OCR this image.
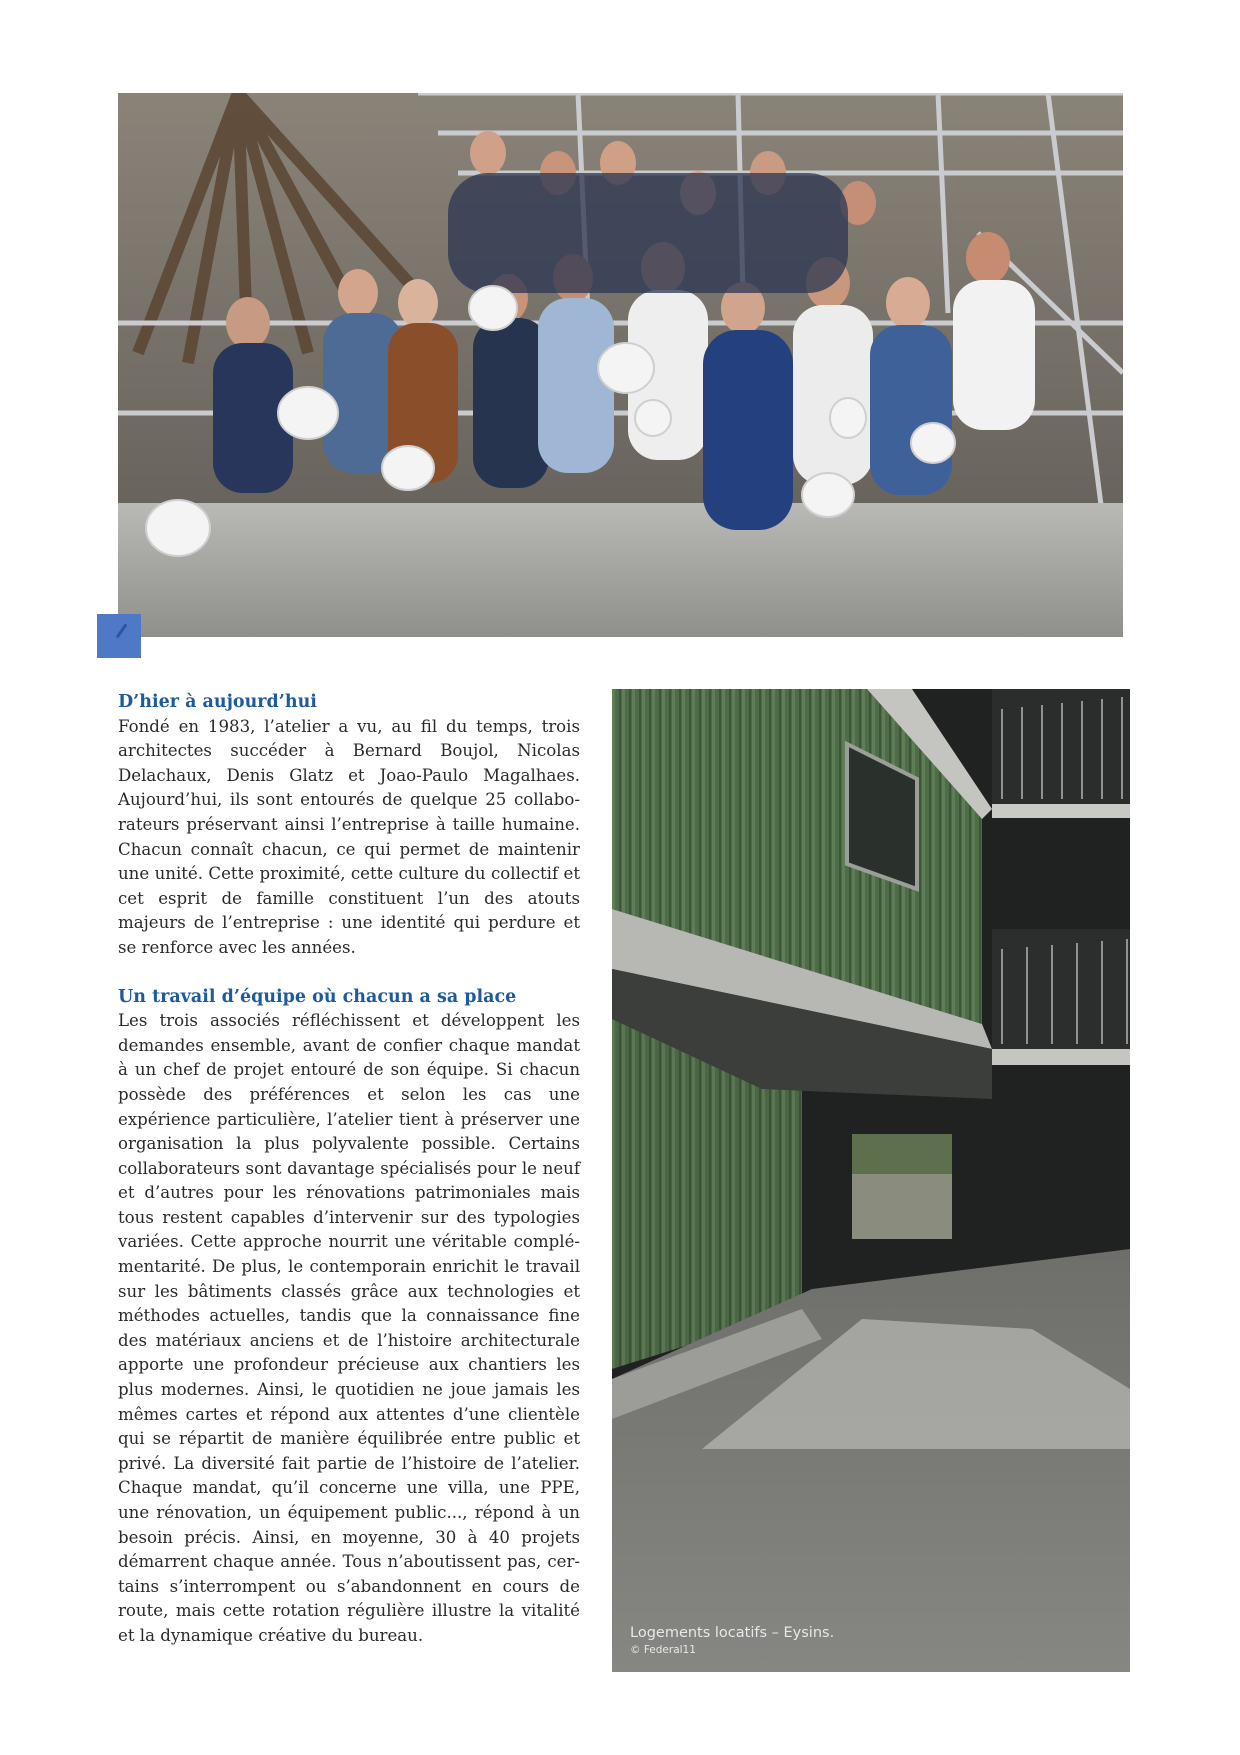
D’hier à aujourd’hui

Fondé en 1983, l’atelier a vu, au fil du temps, trois architectes succéder à Bernard Boujol, Nicolas Delachaux, Denis Glatz et Joao-Paulo Magalhaes. Aujourd’hui, ils sont entourés de quelque 25 collaborateurs préservant ainsi l’entreprise à taille humaine. Chacun connaît chacun, ce qui permet de maintenir une unité. Cette proximité, cette culture du collectif et cet esprit de famille constituent l’un des atouts majeurs de l’entreprise : une identité qui perdure et se renforce avec les années.

Un travail d’équipe où chacun a sa place

Les trois associés réfléchissent et développent les demandes ensemble, avant de confier chaque mandat à un chef de projet entouré de son équipe. Si chacun possède des préférences et selon les cas une expérience particulière, l’atelier tient à préserver une organisation la plus polyvalente possible. Certains collaborateurs sont davantage spécialisés pour le neuf et d’autres pour les rénovations patrimoniales mais tous restent capables d’intervenir sur des typologies variées. Cette approche nourrit une véritable complémentarité. De plus, le contemporain enrichit le travail sur les bâtiments classés grâce aux technologies et méthodes actuelles, tandis que la connaissance fine des matériaux anciens et de l’histoire architecturale apporte une profondeur précieuse aux chantiers les plus modernes. Ainsi, le quotidien ne joue jamais les mêmes cartes et répond aux attentes d’une clientèle qui se répartit de manière équilibrée entre public et privé. La diversité fait partie de l’histoire de l’atelier. Chaque mandat, qu’il concerne une villa, une PPE, une rénovation, un équipement public..., répond à un besoin précis. Ainsi, en moyenne, 30 à 40 projets démarrent chaque année. Tous n’aboutissent pas, certains s’interrompent ou s’abandonnent en cours de route, mais cette rotation régulière illustre la vitalité et la dynamique créative du bureau.	Logements locatifs – Eysins.
© Federal11
